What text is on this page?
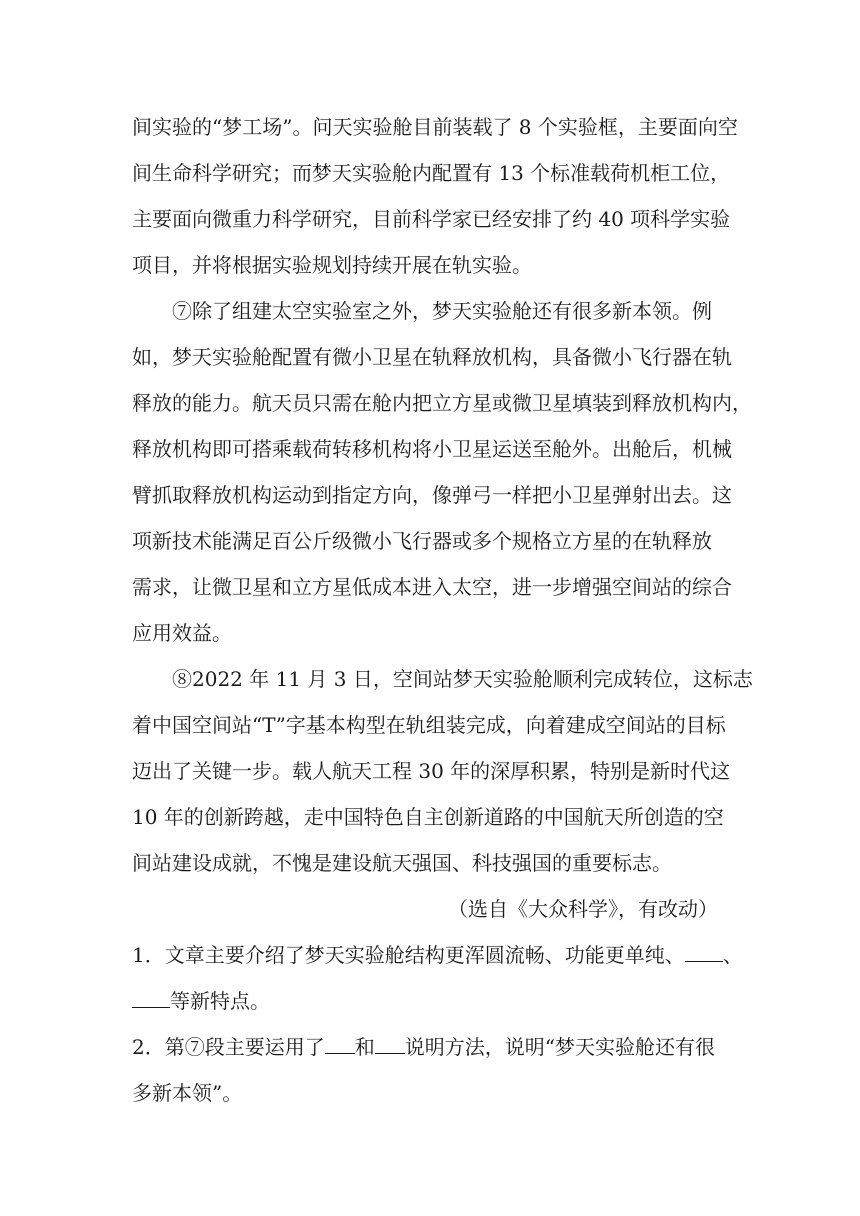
间实验的“梦工场”。问天实验舱目前装载了 8 个实验框，主要面向空
间生命科学研究；而梦天实验舱内配置有 13 个标准载荷机柜工位，
主要面向微重力科学研究，目前科学家已经安排了约 40 项科学实验
项目，并将根据实验规划持续开展在轨实验。
⑦除了组建太空实验室之外，梦天实验舱还有很多新本领。例
如，梦天实验舱配置有微小卫星在轨释放机构，具备微小飞行器在轨
释放的能力。航天员只需在舱内把立方星或微卫星填装到释放机构内，
释放机构即可搭乘载荷转移机构将小卫星运送至舱外。出舱后，机械
臂抓取释放机构运动到指定方向，像弹弓一样把小卫星弹射出去。这
项新技术能满足百公斤级微小飞行器或多个规格立方星的在轨释放
需求，让微卫星和立方星低成本进入太空，进一步增强空间站的综合
应用效益。
⑧2022 年 11 月 3 日，空间站梦天实验舱顺利完成转位，这标志
着中国空间站“T”字基本构型在轨组装完成，向着建成空间站的目标
迈出了关键一步。载人航天工程 30 年的深厚积累，特别是新时代这
10 年的创新跨越，走中国特色自主创新道路的中国航天所创造的空
间站建设成就，不愧是建设航天强国、科技强国的重要标志。
（选自《大众科学》，有改动）
1．文章主要介绍了梦天实验舱结构更浑圆流畅、功能更单纯、 、
等新特点。
2．第⑦段主要运用了 和 说明方法，说明“梦天实验舱还有很
多新本领”。
